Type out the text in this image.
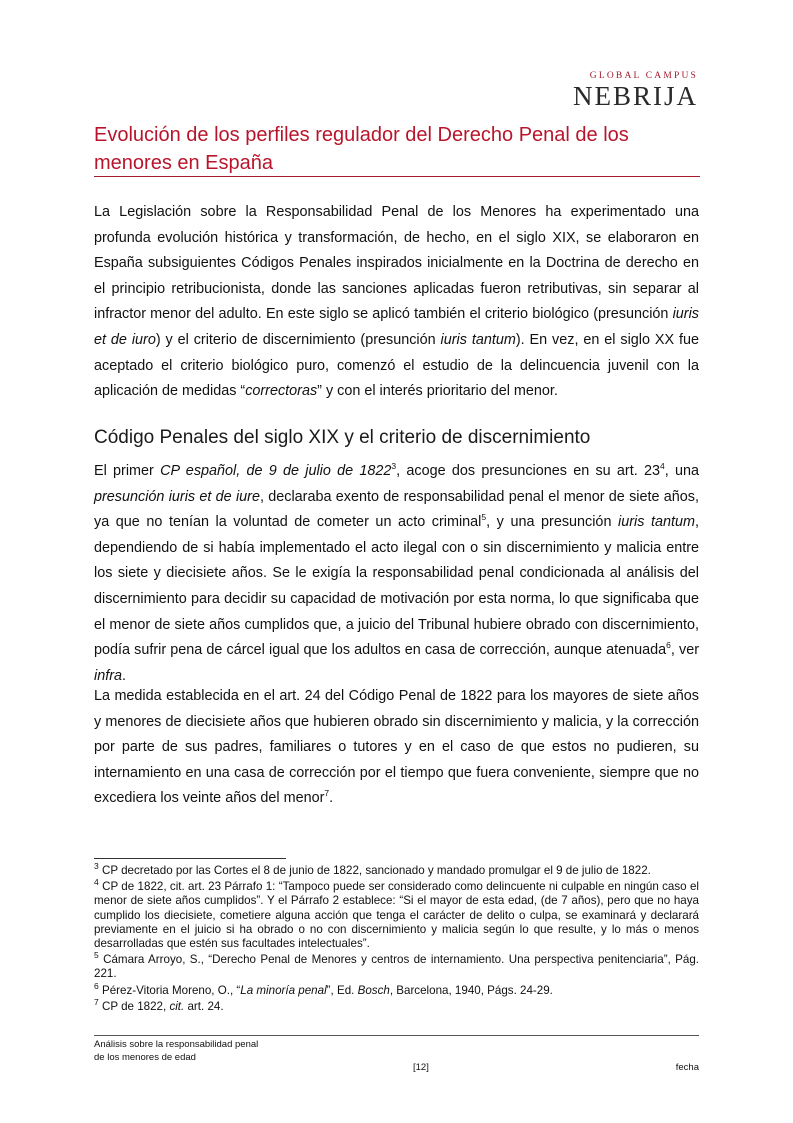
GLOBAL CAMPUS
NEBRIJA
Evolución de los perfiles regulador del Derecho Penal de los menores en España
La Legislación sobre la Responsabilidad Penal de los Menores ha experimentado una profunda evolución histórica y transformación, de hecho, en el siglo XIX, se elaboraron en España subsiguientes Códigos Penales inspirados inicialmente en la Doctrina de derecho en el principio retribucionista, donde las sanciones aplicadas fueron retributivas, sin separar al infractor menor del adulto. En este siglo se aplicó también el criterio biológico (presunción iuris et de iuro) y el criterio de discernimiento (presunción iuris tantum). En vez, en el siglo XX fue aceptado el criterio biológico puro, comenzó el estudio de la delincuencia juvenil con la aplicación de medidas “correctoras” y con el interés prioritario del menor.
Código Penales del siglo XIX y el criterio de discernimiento
El primer CP español, de 9 de julio de 1822$^3$, acoge dos presunciones en su art. $23^4$, una presunción iuris et de iure, declaraba exento de responsabilidad penal el menor de siete años, ya que no tenían la voluntad de cometer un acto criminal$^5$, y una presunción iuris tantum, dependiendo de si había implementado el acto ilegal con o sin discernimiento y malicia entre los siete y diecisiete años. Se le exigía la responsabilidad penal condicionada al análisis del discernimiento para decidir su capacidad de motivación por esta norma, lo que significaba que el menor de siete años cumplidos que, a juicio del Tribunal hubiere obrado con discernimiento, podía sufrir pena de cárcel igual que los adultos en casa de corrección, aunque atenuada$^6$, ver infra.
La medida establecida en el art. 24 del Código Penal de 1822 para los mayores de siete años y menores de diecisiete años que hubieren obrado sin discernimiento y malicia, y la corrección por parte de sus padres, familiares o tutores y en el caso de que estos no pudieren, su internamiento en una casa de corrección por el tiempo que fuera conveniente, siempre que no excediera los veinte años del menor$^7$.
$^3$ CP decretado por las Cortes el 8 de junio de 1822, sancionado y mandado promulgar el 9 de julio de 1822.
$^4$ CP de 1822, cit. art. 23 Párrafo 1: “Tampoco puede ser considerado como delincuente ni culpable en ningún caso el menor de siete años cumplidos”. Y el Párrafo 2 establece: “Si el mayor de esta edad, (de 7 años), pero que no haya cumplido los diecisiete, cometiere alguna acción que tenga el carácter de delito o culpa, se examinará y declarará previamente en el juicio si ha obrado o no con discernimiento y malicia según lo que resulte, y lo más o menos desarrolladas que estén sus facultades intelectuales”.
$^5$ Cámara Arroyo, S., “Derecho Penal de Menores y centros de internamiento. Una perspectiva penitenciaria”, Pág. 221.
$^6$ Pérez-Vitoria Moreno, O., “La minoría penal”, Ed. Bosch, Barcelona, 1940, Págs. 24-29.
$^7$ CP de 1822, cit. art. 24.
Análisis sobre la responsabilidad penal
de los menores de edad
[12]	fecha
